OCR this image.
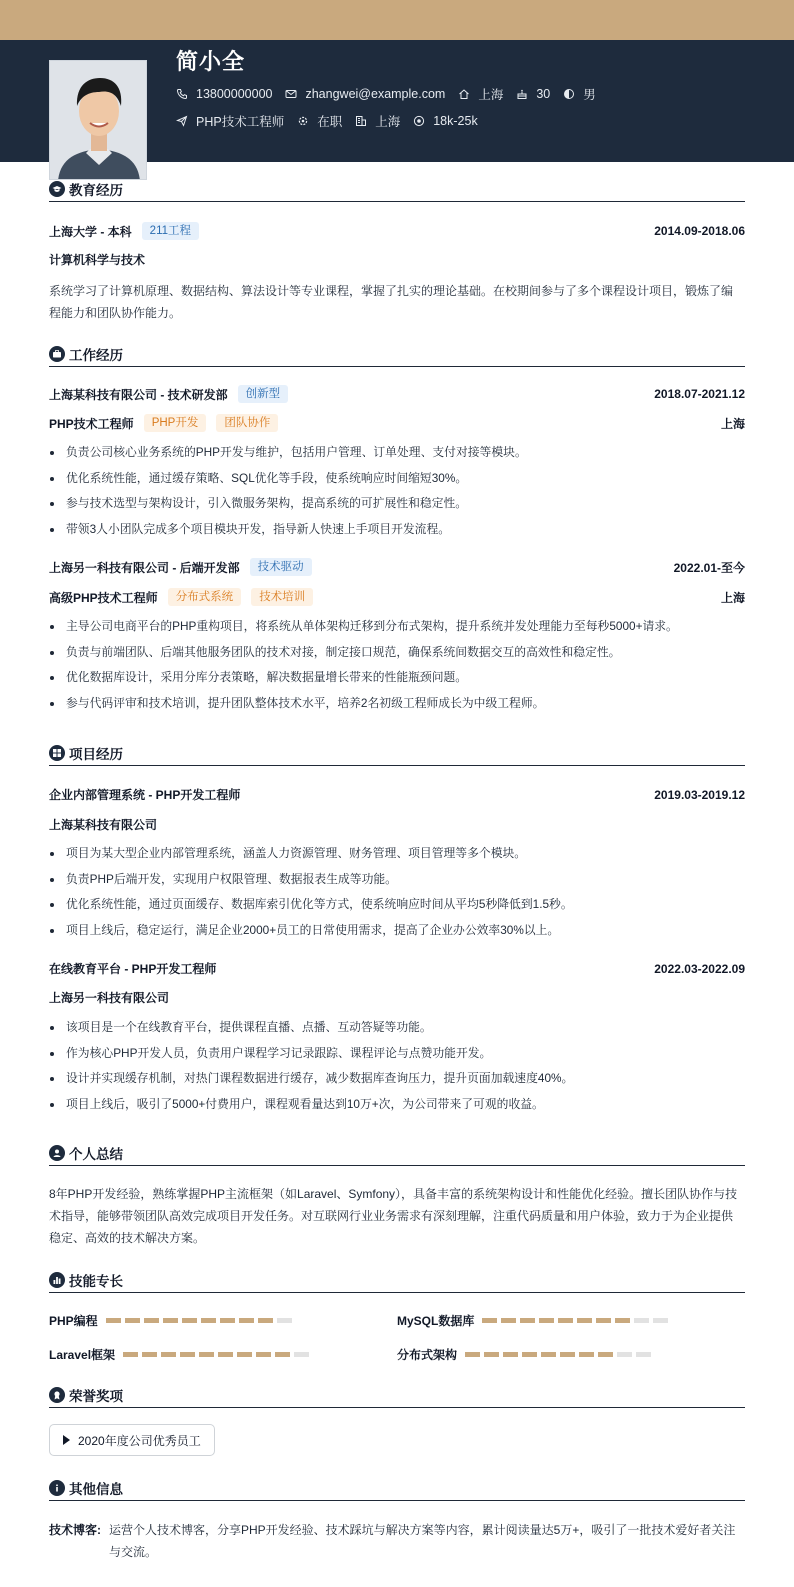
简小全
13800000000	zhangwei@example.com	上海	30	男
PHP技术工程师	在职	上海	18k-25k
教育经历
上海大学 - 本科	211工程	2014.09-2018.06
计算机科学与技术
系统学习了计算机原理、数据结构、算法设计等专业课程，掌握了扎实的理论基础。在校期间参与了多个课程设计项目，锻炼了编程能力和团队协作能力。
工作经历
上海某科技有限公司 - 技术研发部	创新型	2018.07-2021.12
PHP技术工程师	PHP开发	团队协作	上海
负责公司核心业务系统的PHP开发与维护，包括用户管理、订单处理、支付对接等模块。
优化系统性能，通过缓存策略、SQL优化等手段，使系统响应时间缩短30%。
参与技术选型与架构设计，引入微服务架构，提高系统的可扩展性和稳定性。
带领3人小团队完成多个项目模块开发，指导新人快速上手项目开发流程。
上海另一科技有限公司 - 后端开发部	技术驱动	2022.01-至今
高级PHP技术工程师	分布式系统	技术培训	上海
主导公司电商平台的PHP重构项目，将系统从单体架构迁移到分布式架构，提升系统并发处理能力至每秒5000+请求。
负责与前端团队、后端其他服务团队的技术对接，制定接口规范，确保系统间数据交互的高效性和稳定性。
优化数据库设计，采用分库分表策略，解决数据量增长带来的性能瓶颈问题。
参与代码评审和技术培训，提升团队整体技术水平，培养2名初级工程师成长为中级工程师。
项目经历
企业内部管理系统 - PHP开发工程师	2019.03-2019.12
上海某科技有限公司
项目为某大型企业内部管理系统，涵盖人力资源管理、财务管理、项目管理等多个模块。
负责PHP后端开发，实现用户权限管理、数据报表生成等功能。
优化系统性能，通过页面缓存、数据库索引优化等方式，使系统响应时间从平均5秒降低到1.5秒。
项目上线后，稳定运行，满足企业2000+员工的日常使用需求，提高了企业办公效率30%以上。
在线教育平台 - PHP开发工程师	2022.03-2022.09
上海另一科技有限公司
该项目是一个在线教育平台，提供课程直播、点播、互动答疑等功能。
作为核心PHP开发人员，负责用户课程学习记录跟踪、课程评论与点赞功能开发。
设计并实现缓存机制，对热门课程数据进行缓存，减少数据库查询压力，提升页面加载速度40%。
项目上线后，吸引了5000+付费用户，课程观看量达到10万+次，为公司带来了可观的收益。
个人总结
8年PHP开发经验，熟练掌握PHP主流框架（如Laravel、Symfony），具备丰富的系统架构设计和性能优化经验。擅长团队协作与技术指导，能够带领团队高效完成项目开发任务。对互联网行业业务需求有深刻理解，注重代码质量和用户体验，致力于为企业提供稳定、高效的技术解决方案。
技能专长
PHP编程	MySQL数据库
Laravel框架	分布式架构
荣誉奖项
2020年度公司优秀员工
其他信息
技术博客: 运营个人技术博客，分享PHP开发经验、技术踩坑与解决方案等内容，累计阅读量达5万+，吸引了一批技术爱好者关注与交流。
